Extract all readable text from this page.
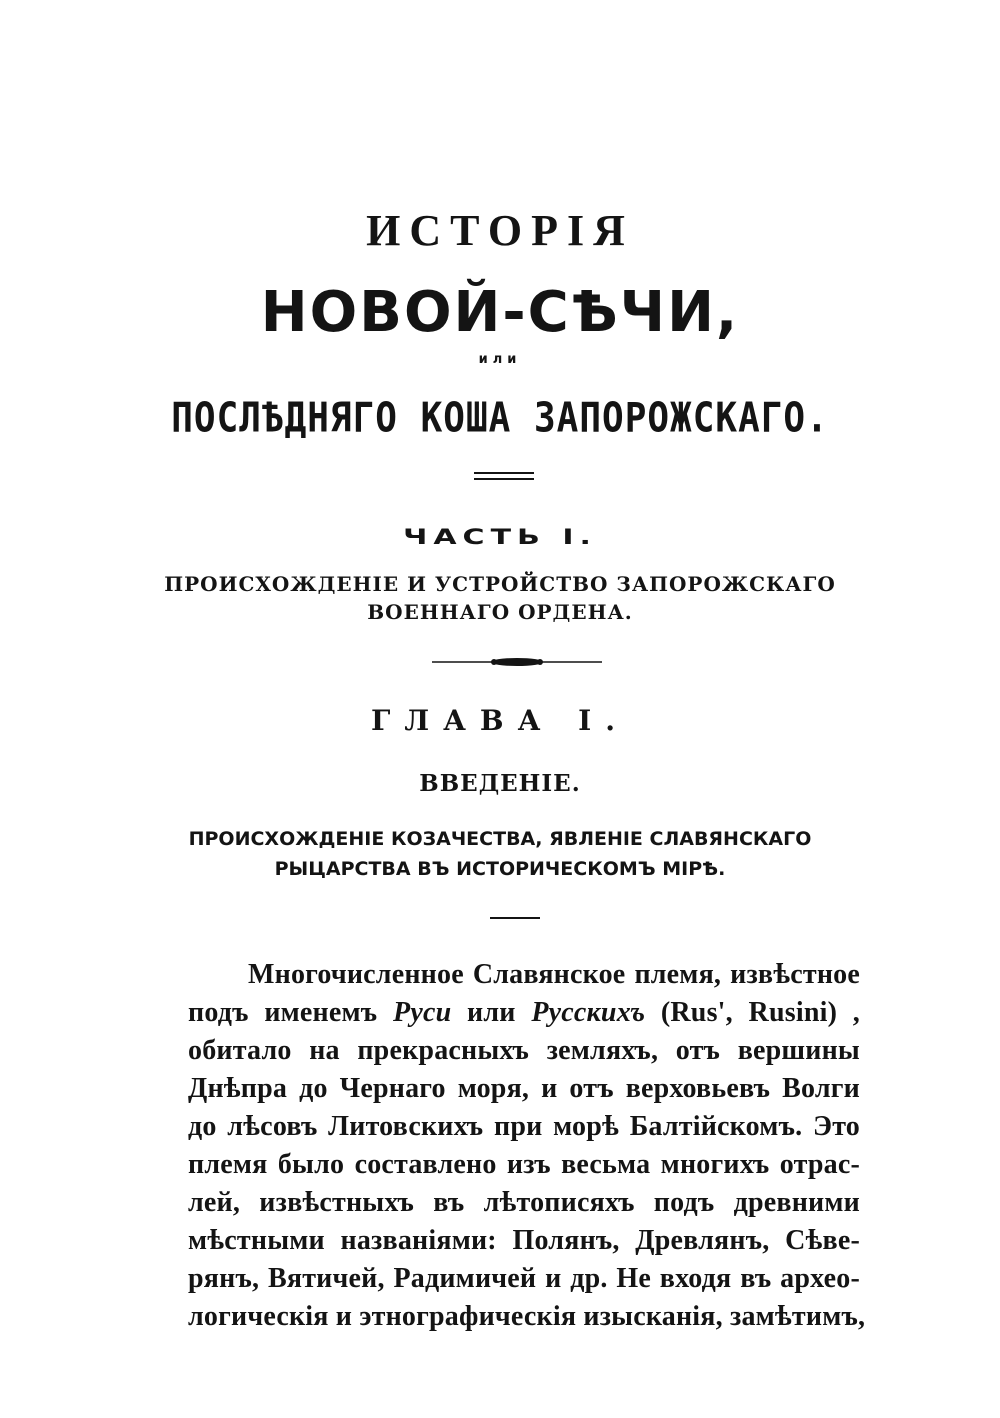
ИСТОРІЯ
НОВОЙ-СѢЧИ,
или
ПОСЛѢДНЯГО КОША ЗАПОРОЖСКАГО.
ЧАСТЬ I.
ПРОИСХОЖДЕНІЕ И УСТРОЙСТВО ЗАПОРОЖСКАГО
ВОЕННАГО ОРДЕНА.
ГЛАВА І.
ВВЕДЕНІЕ.
ПРОИСХОЖДЕНІЕ КОЗАЧЕСТВА, ЯВЛЕНІЕ СЛАВЯНСКАГО
РЫЦАРСТВА ВЪ ИСТОРИЧЕСКОМЪ МІРѢ.
Многочисленное Славянское племя, извѣстное
подъ именемъ Руси или Русскихъ (Rus', Rusini) ,
обитало на прекрасныхъ земляхъ, отъ вершины
Днѣпра до Чернаго моря, и отъ верховьевъ Волги
до лѣсовъ Литовскихъ при морѣ Балтійскомъ. Это
племя было составлено изъ весьма многихъ отрас-
лей, извѣстныхъ въ лѣтописяхъ подъ древними
мѣстными названіями: Полянъ, Древлянъ, Сѣве-
рянъ, Вятичей, Радимичей и др. Не входя въ археο-
логическія и этнографическія изысканія, замѣтимъ,
